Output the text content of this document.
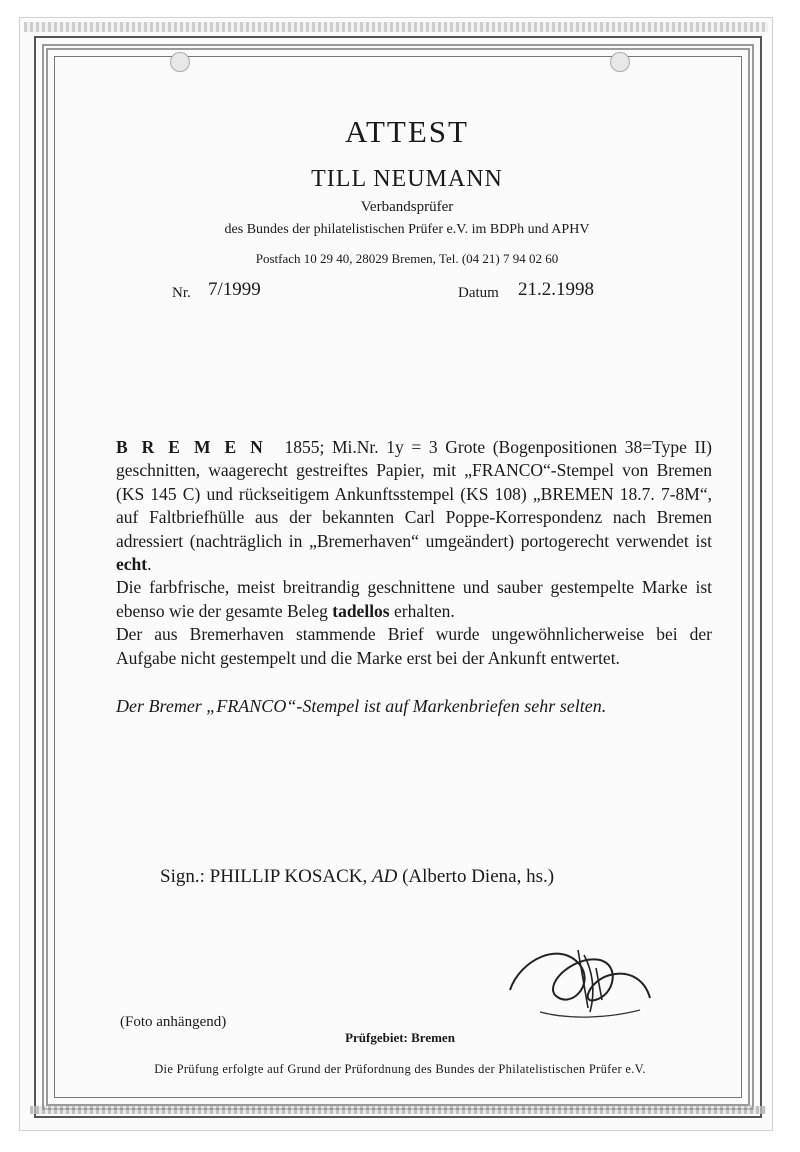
ATTEST
TILL NEUMANN
Verbandsprüfer
des Bundes der philatelistischen Prüfer e.V. im BDPh und APHV
Postfach 10 29 40, 28029 Bremen, Tel. (04 21) 7 94 02 60
Nr. 7/1999	Datum 21.2.1998

BREMEN 1855; Mi.Nr. 1y = 3 Grote (Bogenpositionen 38=Type II) geschnitten, waagerecht gestreiftes Papier, mit „FRANCO“-Stempel von Bremen (KS 145 C) und rückseitigem Ankunftsstempel (KS 108) „BREMEN 18.7. 7-8M“, auf Faltbriefhülle aus der bekannten Carl Poppe-Korrespondenz nach Bremen adressiert (nachträglich in „Bremerhaven“ umgeändert) portogerecht verwendet ist echt.

Die farbfrische, meist breitrandig geschnittene und sauber gestempelte Marke ist ebenso wie der gesamte Beleg tadellos erhalten.

Der aus Bremerhaven stammende Brief wurde ungewöhnlicherweise bei der Aufgabe nicht gestempelt und die Marke erst bei der Ankunft entwertet.

Der Bremer „FRANCO“-Stempel ist auf Markenbriefen sehr selten.
Sign.: PHILLIP KOSACK, AD (Alberto Diena, hs.)
(Foto anhängend)
Prüfgebiet: Bremen
Die Prüfung erfolgte auf Grund der Prüfordnung des Bundes der Philatelistischen Prüfer e.V.
